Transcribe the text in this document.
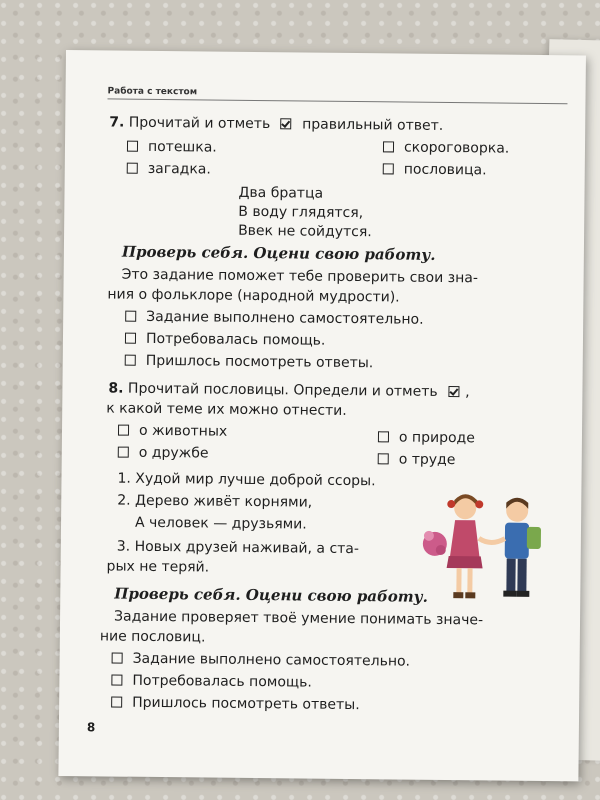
Работа с текстом
7. Прочитай и отметь правильный ответ.
потешка.
загадка.
скороговорка.
пословица.
Два братца
В воду глядятся,
Ввек не сойдутся.
Проверь себя. Оцени свою работу.
Это задание поможет тебе проверить свои зна-
ния о фольклоре (народной мудрости).
Задание выполнено самостоятельно.
Потребовалась помощь.
Пришлось посмотреть ответы.
8. Прочитай пословицы. Определи и отметь ,
к какой теме их можно отнести.
о животных
о дружбе
о природе
о труде
1. Худой мир лучше доброй ссоры.
2. Дерево живёт корнями,
А человек — друзьями.
3. Новых друзей наживай, а ста-
рых не теряй.
Проверь себя. Оцени свою работу.
Задание проверяет твоё умение понимать значе-
ние пословиц.
Задание выполнено самостоятельно.
Потребовалась помощь.
Пришлось посмотреть ответы.
8
